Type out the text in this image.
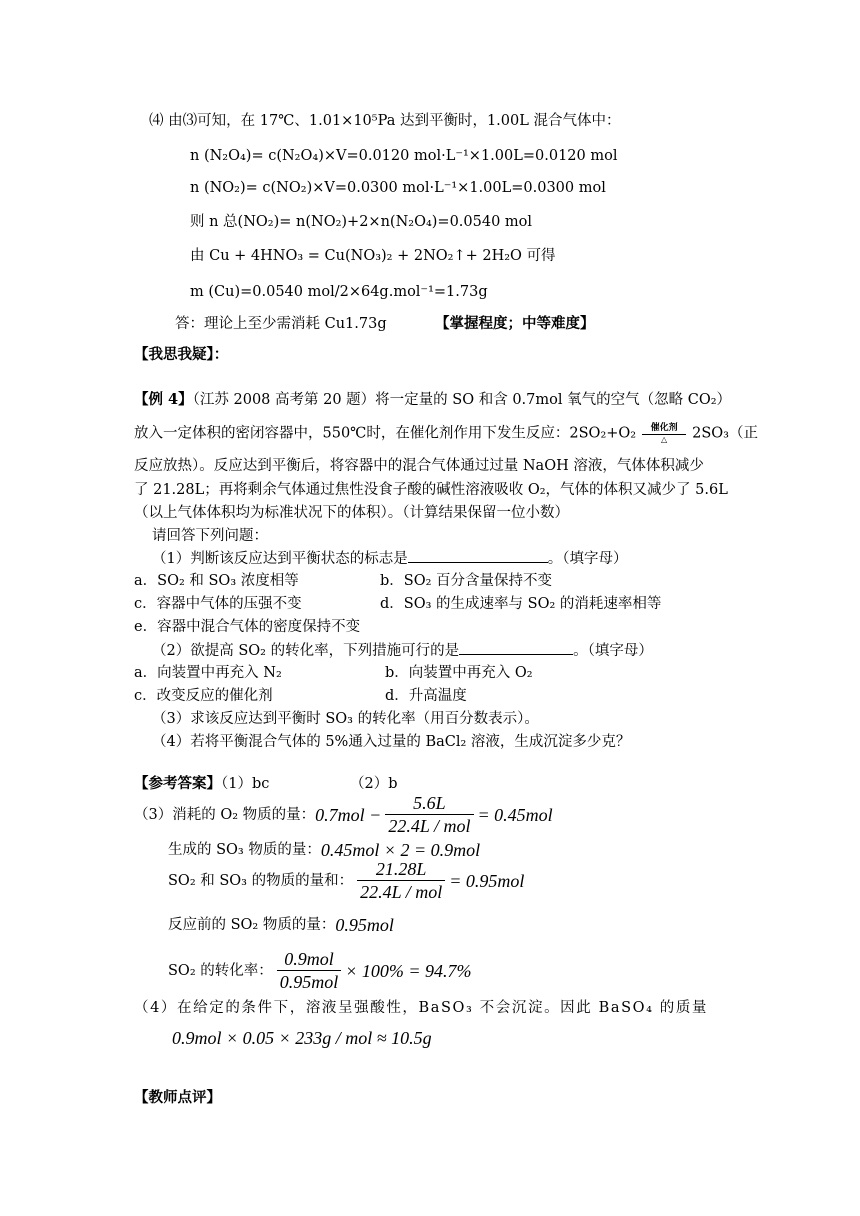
⑷ 由⑶可知，在 17℃、1.01×10⁵Pa 达到平衡时，1.00L 混合气体中：
n (N₂O₄)= c(N₂O₄)×V=0.0120 mol·L⁻¹×1.00L=0.0120 mol
n (NO₂)= c(NO₂)×V=0.0300 mol·L⁻¹×1.00L=0.0300 mol
则 n 总(NO₂)= n(NO₂)+2×n(N₂O₄)=0.0540 mol
由 Cu + 4HNO₃ = Cu(NO₃)₂ + 2NO₂↑+ 2H₂O 可得
m (Cu)=0.0540 mol/2×64g.mol⁻¹=1.73g
答：理论上至少需消耗 Cu1.73g	【掌握程度；中等难度】
【我思我疑】：
【例 4】（江苏 2008 高考第 20 题）将一定量的 SO 和含 0.7mol 氧气的空气（忽略 CO₂）
放入一定体积的密闭容器中，550℃时，在催化剂作用下发生反应：2SO₂+O₂	催化剂
△	2SO₃（正
反应放热）。反应达到平衡后，将容器中的混合气体通过过量 NaOH 溶液，气体体积减少
了 21.28L；再将剩余气体通过焦性没食子酸的碱性溶液吸收 O₂，气体的体积又减少了 5.6L
（以上气体体积均为标准状况下的体积）。（计算结果保留一位小数）
请回答下列问题：
（1）判断该反应达到平衡状态的标志是	。（填字母）
a．SO₂ 和 SO₃ 浓度相等	b．SO₂ 百分含量保持不变
c．容器中气体的压强不变	d．SO₃ 的生成速率与 SO₂ 的消耗速率相等
e．容器中混合气体的密度保持不变
（2）欲提高 SO₂ 的转化率，下列措施可行的是	。（填字母）
a．向装置中再充入 N₂	b．向装置中再充入 O₂
c．改变反应的催化剂	d．升高温度
（3）求该反应达到平衡时 SO₃ 的转化率（用百分数表示）。
（4）若将平衡混合气体的 5%通入过量的 BaCl₂ 溶液，生成沉淀多少克？
【参考答案】（1）bc	（2）b
（3）消耗的 O₂ 物质的量： $0.7mol - \frac{5.6L}{\text{22.4L / mol}} = 0.45mol$
生成的 SO₃ 物质的量： 0.45mol × 2 = 0.9mol
SO₂ 和 SO₃ 的物质的量和： $\frac{21.28L}{\text{22.4L / mol}} = 0.95mol$
反应前的 SO₂ 物质的量： 0.95mol
SO₂ 的转化率： $\frac{\text{0.9mol}}{\text{0.95mol}} \times 100\% = 94.7\%$
（4）在给定的条件下，溶液呈强酸性，BaSO₃ 不会沉淀。因此 BaSO₄ 的质量
0.9mol × 0.05 × 233g / mol ≈ 10.5g
【教师点评】
